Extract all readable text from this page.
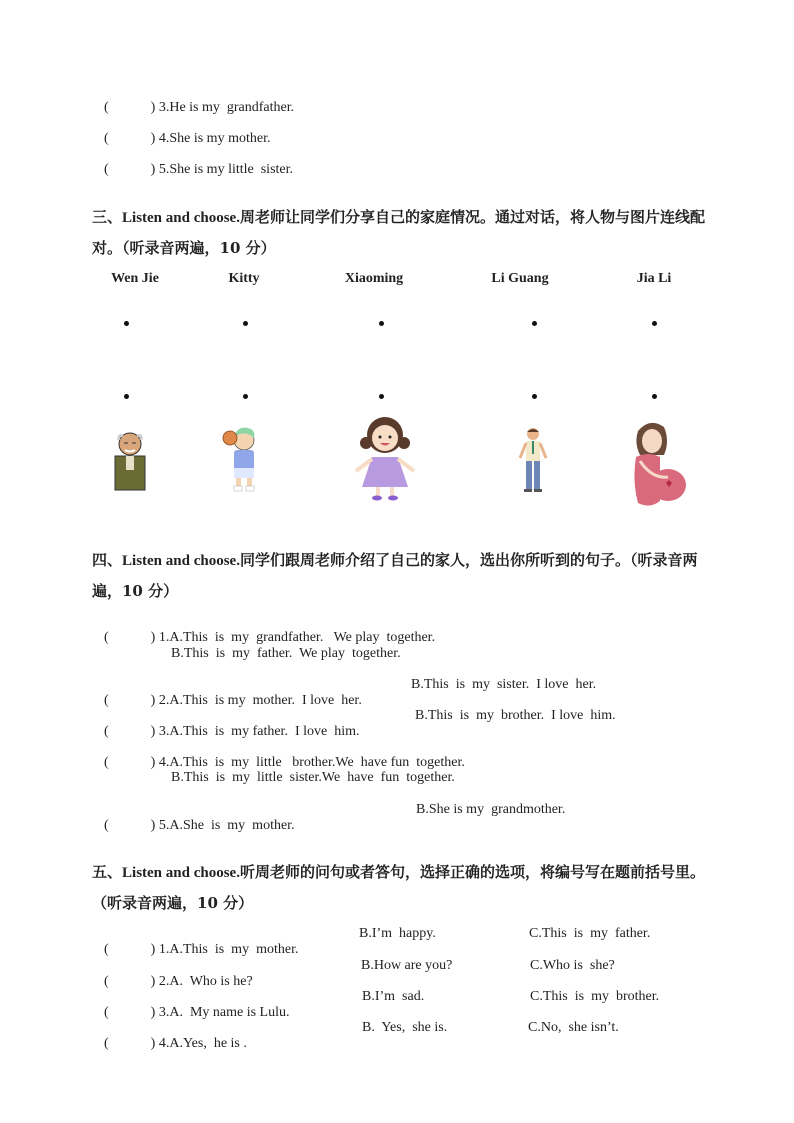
(	) 3.He is my  grandfather.

(	) 4.She is my mother.

(	) 5.She is my little  sister.

三、Listen and choose.周老师让同学们分享自己的家庭情况。通过对话，将人物与图片连线配对。（听录音两遍，10 分）
Wen Jie	Kitty	Xiaoming	Li Guang	Jia Li
四、Listen and choose.同学们跟周老师介绍了自己的家人，选出你所听到的句子。（听录音两遍，10 分）

(	) 1.A.This  is  my  grandfather.   We play  together.

B.This  is  my  father.  We play  together.

(	) 2.A.This  is my  mother.  I love  her.

B.This  is  my  sister.  I love  her.

(	) 3.A.This  is  my father.  I love  him.

B.This  is  my  brother.  I love  him.

(	) 4.A.This  is  my  little   brother.We  have fun  together.

B.This  is  my  little  sister.We  have  fun  together.

(	) 5.A.She  is  my  mother.

B.She is my  grandmother.
五、Listen and choose.听周老师的问句或者答句，选择正确的选项，将编号写在题前括号里。（听录音两遍，10 分）

(	) 1.A.This  is  my  mother.

B.I’m  happy.	C.This  is  my  father.

(	) 2.A.  Who is he?

B.How are you?	C.Who is  she?

(	) 3.A.  My name is Lulu.

B.I’m  sad.	C.This  is  my  brother.

(	) 4.A.Yes,  he is .

B.  Yes,  she is.	C.No,  she isn’t.
